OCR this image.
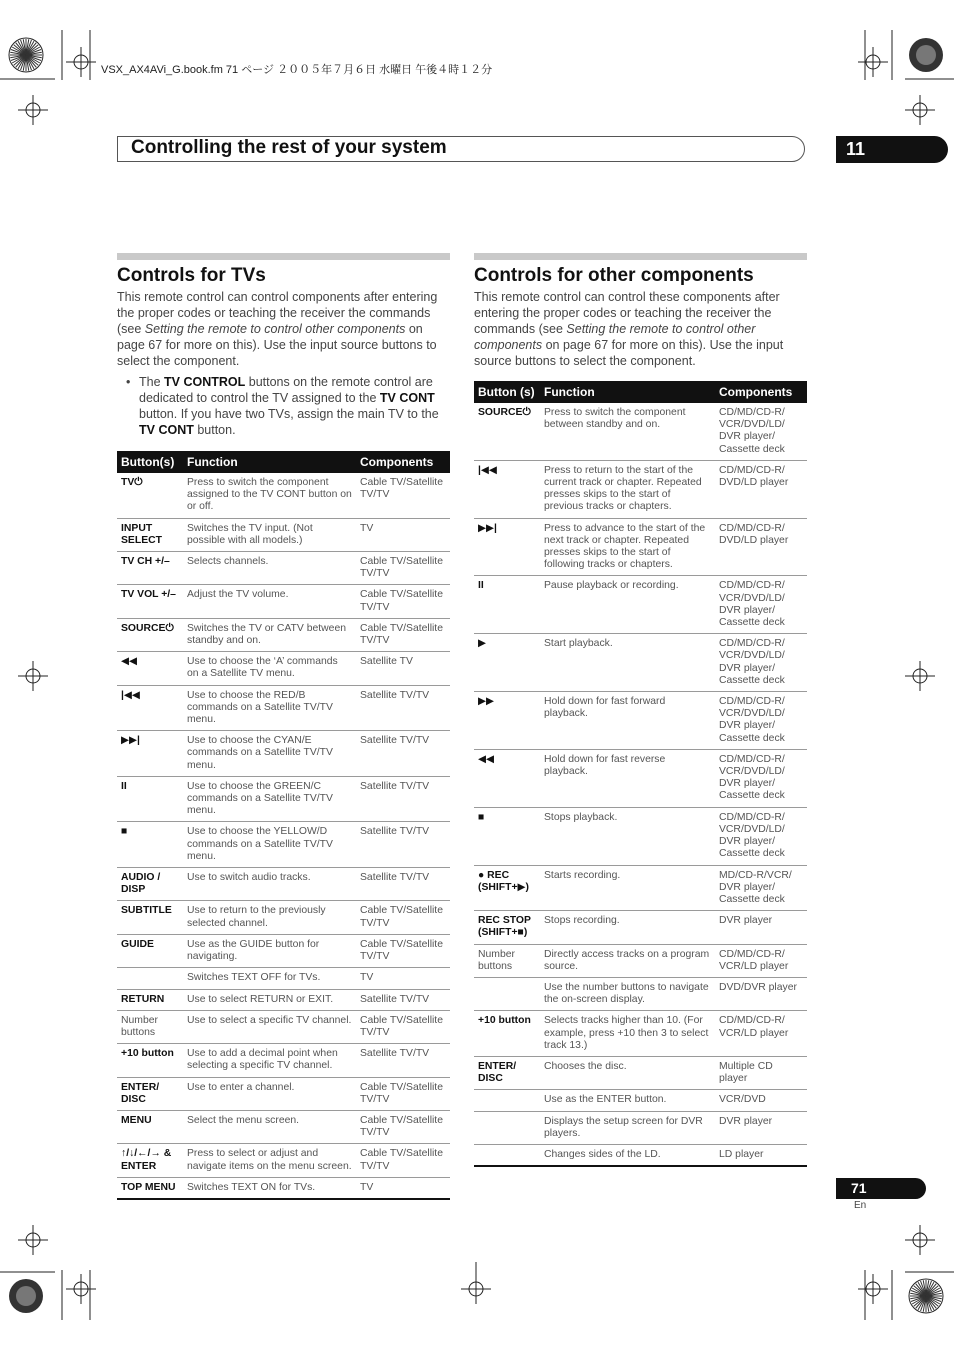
VSX_AX4AVi_G.book.fm 71 ページ ２００５年７月６日 水曜日 午後４時１２分
Controlling the rest of your system	11
Controls for TVs

This remote control can control components after entering the proper codes or teaching the receiver the commands (see Setting the remote to control other components on page 67 for more on this). Use the input source buttons to select the component.

• The TV CONTROL buttons on the remote control are dedicated to control the TV assigned to the TV CONT button. If you have two TVs, assign the main TV to the TV CONT button.
Button(s)	Function	Components
TV⏻	Press to switch the component assigned to the TV CONT button on or off.	Cable TV/Satellite TV/TV
INPUT SELECT	Switches the TV input. (Not possible with all models.)	TV
TV CH +/–	Selects channels.	Cable TV/Satellite TV/TV
TV VOL +/–	Adjust the TV volume.	Cable TV/Satellite TV/TV
SOURCE⏻	Switches the TV or CATV between standby and on.	Cable TV/Satellite TV/TV
◀◀	Use to choose the ‘A’ commands on a Satellite TV menu.	Satellite TV
|◀◀	Use to choose the RED/B commands on a Satellite TV/TV menu.	Satellite TV/TV
▶▶|	Use to choose the CYAN/E commands on a Satellite TV/TV menu.	Satellite TV/TV
II	Use to choose the GREEN/C commands on a Satellite TV/TV menu.	Satellite TV/TV
■	Use to choose the YELLOW/D commands on a Satellite TV/TV menu.	Satellite TV/TV
AUDIO / DISP	Use to switch audio tracks.	Satellite TV/TV
SUBTITLE	Use to return to the previously selected channel.	Cable TV/Satellite TV/TV
GUIDE	Use as the GUIDE button for navigating.	Cable TV/Satellite TV/TV
	Switches TEXT OFF for TVs.	TV
RETURN	Use to select RETURN or EXIT.	Satellite TV/TV
Number buttons	Use to select a specific TV channel.	Cable TV/Satellite TV/TV
+10 button	Use to add a decimal point when selecting a specific TV channel.	Satellite TV/TV
ENTER/ DISC	Use to enter a channel.	Cable TV/Satellite TV/TV
MENU	Select the menu screen.	Cable TV/Satellite TV/TV
↑/↓/←/→ & ENTER	Press to select or adjust and navigate items on the menu screen.	Cable TV/Satellite TV/TV
TOP MENU	Switches TEXT ON for TVs.	TV
Controls for other components

This remote control can control these components after entering the proper codes or teaching the receiver the commands (see Setting the remote to control other components on page 67 for more on this). Use the input source buttons to select the component.

Button (s)	Function	Components
SOURCE⏻	Press to switch the component between standby and on.	CD/MD/CD-R/ VCR/DVD/LD/ DVR player/ Cassette deck
|◀◀	Press to return to the start of the current track or chapter. Repeated presses skips to the start of previous tracks or chapters.	CD/MD/CD-R/ DVD/LD player
▶▶|	Press to advance to the start of the next track or chapter. Repeated presses skips to the start of following tracks or chapters.	CD/MD/CD-R/ DVD/LD player
II	Pause playback or recording.	CD/MD/CD-R/ VCR/DVD/LD/ DVR player/ Cassette deck
▶	Start playback.	CD/MD/CD-R/ VCR/DVD/LD/ DVR player/ Cassette deck
▶▶	Hold down for fast forward playback.	CD/MD/CD-R/ VCR/DVD/LD/ DVR player/ Cassette deck
◀◀	Hold down for fast reverse playback.	CD/MD/CD-R/ VCR/DVD/LD/ DVR player/ Cassette deck
■	Stops playback.	CD/MD/CD-R/ VCR/DVD/LD/ DVR player/ Cassette deck
● REC (SHIFT+▶)	Starts recording.	MD/CD-R/VCR/ DVR player/ Cassette deck
REC STOP (SHIFT+■)	Stops recording.	DVR player
Number buttons	Directly access tracks on a program source.	CD/MD/CD-R/ VCR/LD player
	Use the number buttons to navigate the on-screen display.	DVD/DVR player
+10 button	Selects tracks higher than 10. (For example, press +10 then 3 to select track 13.)	CD/MD/CD-R/ VCR/LD player
ENTER/ DISC	Chooses the disc.	Multiple CD player
	Use as the ENTER button.	VCR/DVD
	Displays the setup screen for DVR players.	DVR player
	Changes sides of the LD.	LD player
71
En
